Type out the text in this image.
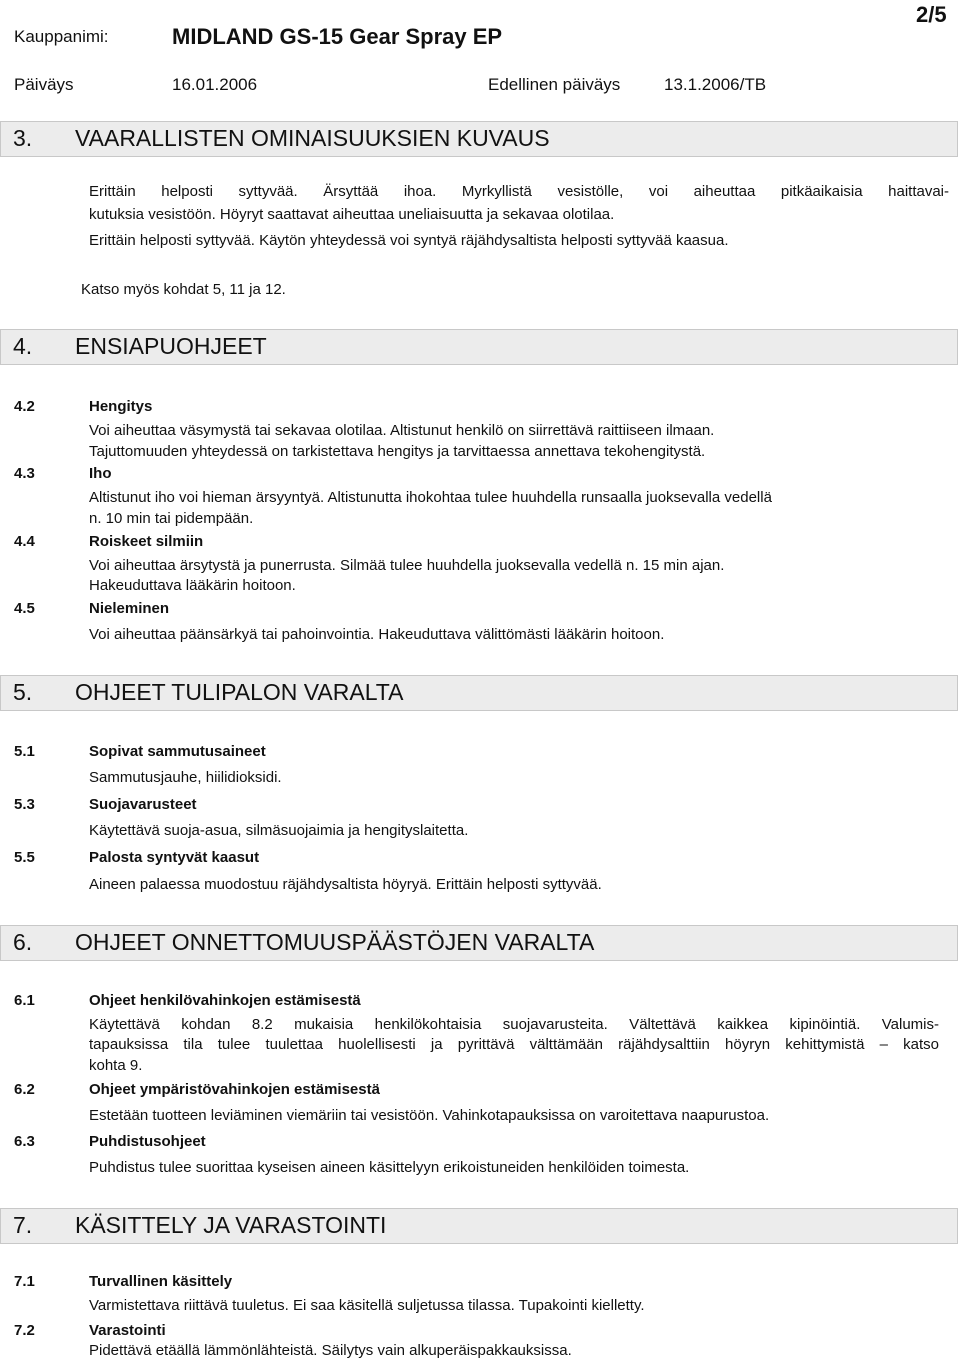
Kauppanimi:	MIDLAND GS-15 Gear Spray EP
2/5
Päiväys	16.01.2006	Edellinen päiväys	13.1.2006/TB
3. VAARALLISTEN OMINAISUUKSIEN KUVAUS
Erittäin helposti syttyvää. Ärsyttää ihoa. Myrkyllistä vesistölle, voi aiheuttaa pitkäaikaisia haittavai-
kutuksia vesistöön. Höyryt saattavat aiheuttaa uneliaisuutta ja sekavaa olotilaa.
Erittäin helposti syttyvää. Käytön yhteydessä voi syntyä räjähdysaltista helposti syttyvää kaasua.
Katso myös kohdat 5, 11 ja 12.
4. ENSIAPUOHJEET
4.2	Hengitys
Voi aiheuttaa väsymystä tai sekavaa olotilaa. Altistunut henkilö on siirrettävä raittiiseen ilmaan.
Tajuttomuuden yhteydessä on tarkistettava hengitys ja tarvittaessa annettava tekohengitystä.
4.3	Iho
Altistunut iho voi hieman ärsyyntyä. Altistunutta ihokohtaa tulee huuhdella runsaalla juoksevalla vedellä
n. 10 min tai pidempään.
4.4	Roiskeet silmiin
Voi aiheuttaa ärsytystä ja punerrusta. Silmää tulee huuhdella juoksevalla vedellä n. 15 min ajan.
Hakeuduttava lääkärin hoitoon.
4.5	Nieleminen
Voi aiheuttaa päänsärkyä tai pahoinvointia. Hakeuduttava välittömästi lääkärin hoitoon.
5. OHJEET TULIPALON VARALTA
5.1	Sopivat sammutusaineet
Sammutusjauhe, hiilidioksidi.
5.3	Suojavarusteet
Käytettävä suoja-asua, silmäsuojaimia ja hengityslaitetta.
5.5	Palosta syntyvät kaasut
Aineen palaessa muodostuu räjähdysaltista höyryä. Erittäin helposti syttyvää.
6. OHJEET ONNETTOMUUSPÄÄSTÖJEN VARALTA
6.1	Ohjeet henkilövahinkojen estämisestä
Käytettävä kohdan 8.2 mukaisia henkilökohtaisia suojavarusteita. Vältettävä kaikkea kipinöintiä. Valumis-
tapauksissa tila tulee tuulettaa huolellisesti ja pyrittävä välttämään räjähdysalttiin höyryn kehittymistä – katso
kohta 9.
6.2	Ohjeet ympäristövahinkojen estämisestä
Estetään tuotteen leviäminen viemäriin tai vesistöön. Vahinkotapauksissa on varoitettava naapurustoa.
6.3	Puhdistusohjeet
Puhdistus tulee suorittaa kyseisen aineen käsittelyyn erikoistuneiden henkilöiden toimesta.
7. KÄSITTELY JA VARASTOINTI
7.1	Turvallinen käsittely
Varmistettava riittävä tuuletus. Ei saa käsitellä suljetussa tilassa. Tupakointi kielletty.
7.2	Varastointi
Pidettävä etäällä lämmönlähteistä. Säilytys vain alkuperäispakkauksissa.
